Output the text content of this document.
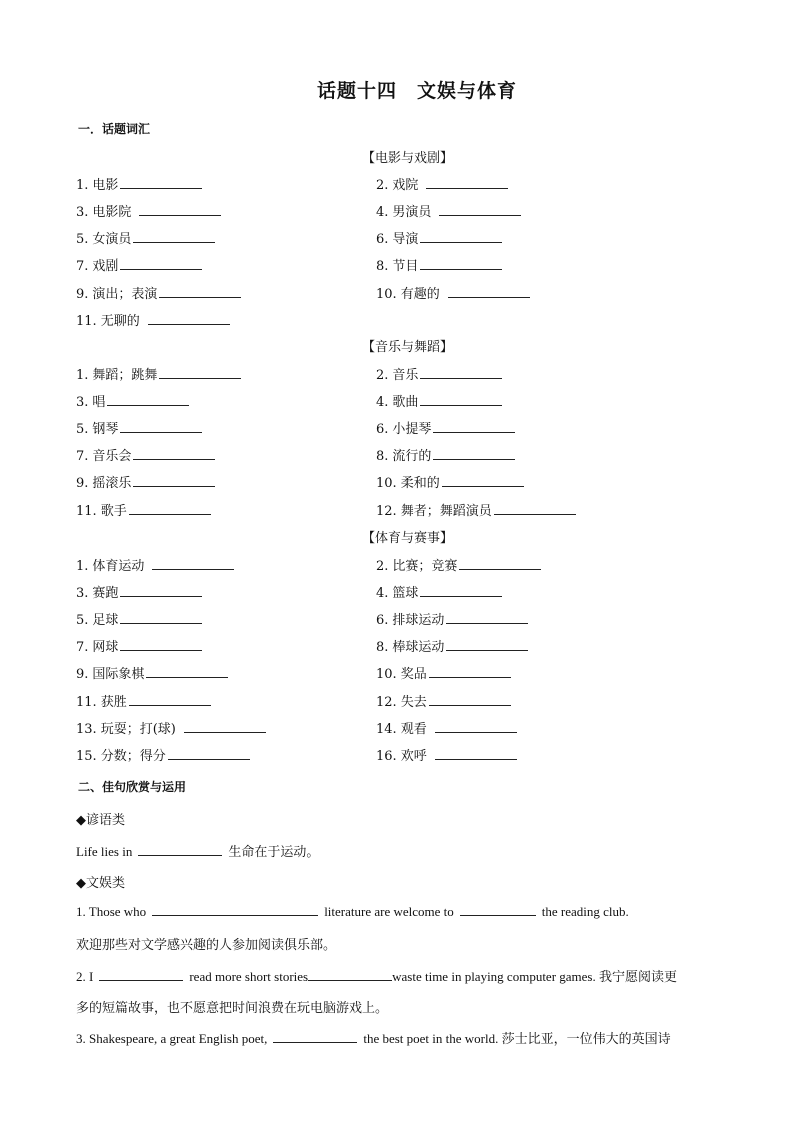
话题十四　文娱与体育
一．话题词汇
【电影与戏剧】
1. 电影	2. 戏院
3. 电影院	4. 男演员
5. 女演员	6. 导演
7. 戏剧	8. 节目
9. 演出；表演	10. 有趣的
11. 无聊的
【音乐与舞蹈】
1. 舞蹈；跳舞	2. 音乐
3. 唱	4. 歌曲
5. 钢琴	6. 小提琴
7. 音乐会	8. 流行的
9. 摇滚乐	10. 柔和的
11. 歌手	12. 舞者；舞蹈演员
【体育与赛事】
1. 体育运动	2. 比赛；竞赛
3. 赛跑	4. 篮球
5. 足球	6. 排球运动
7. 网球	8. 棒球运动
9. 国际象棋	10. 奖品
11. 获胜	12. 失去
13. 玩耍；打(球)	14. 观看
15. 分数；得分	16. 欢呼
二、佳句欣赏与运用
◆谚语类
Life lies in	生命在于运动。
◆文娱类
1. Those who	literature are welcome to	the reading club.
欢迎那些对文学感兴趣的人参加阅读俱乐部。
2. I	read more short stories	waste time in playing computer games. 我宁愿阅读更
多的短篇故事，也不愿意把时间浪费在玩电脑游戏上。
3. Shakespeare, a great English poet,	the best poet in the world. 莎士比亚，一位伟大的英国诗
